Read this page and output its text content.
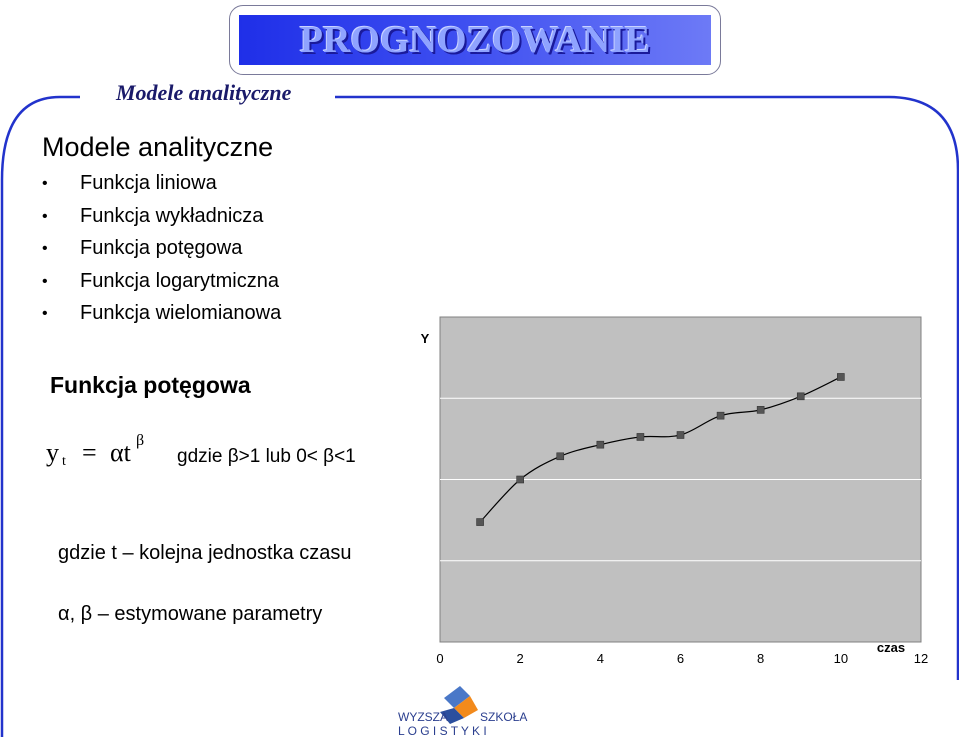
PROGNOZOWANIE
Modele analityczne
Modele analityczne
• Funkcja liniowa
• Funkcja wykładnicza
• Funkcja potęgowa
• Funkcja logarytmiczna
• Funkcja wielomianowa
Funkcja potęgowa
y t = αt β
gdzie β>1 lub 0< β<1
gdzie t – kolejna jednostka czasu
α, β – estymowane parametry
0	2	4	6	8	10	12
Y
czas
WYZSZA	SZKOŁA
L O G I S T Y K I
